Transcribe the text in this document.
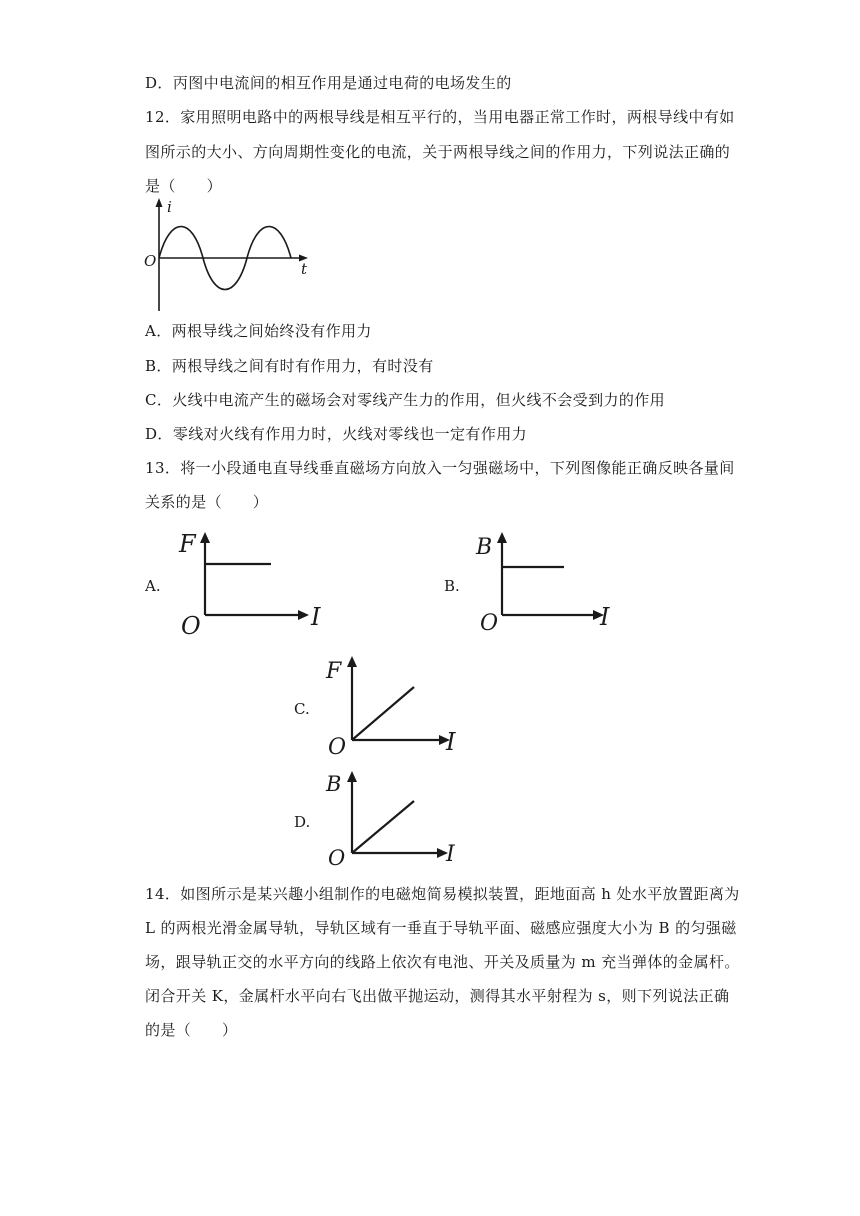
D．丙图中电流间的相互作用是通过电荷的电场发生的
12．家用照明电路中的两根导线是相互平行的，当用电器正常工作时，两根导线中有如
图所示的大小、方向周期性变化的电流，关于两根导线之间的作用力，下列说法正确的
是（　　）
i
t
O
A．两根导线之间始终没有作用力
B．两根导线之间有时有作用力，有时没有
C．火线中电流产生的磁场会对零线产生力的作用，但火线不会受到力的作用
D．零线对火线有作用力时，火线对零线也一定有作用力
13．将一小段通电直导线垂直磁场方向放入一匀强磁场中，下列图像能正确反映各量间
关系的是（　　）
A.
F
I
O
B.
B
I
O
C.
F
I
O
D.
B
I
O
14．如图所示是某兴趣小组制作的电磁炮简易模拟装置，距地面高 h 处水平放置距离为
L 的两根光滑金属导轨，导轨区域有一垂直于导轨平面、磁感应强度大小为 B 的匀强磁
场，跟导轨正交的水平方向的线路上依次有电池、开关及质量为 m 充当弹体的金属杆。
闭合开关 K，金属杆水平向右飞出做平抛运动，测得其水平射程为 s，则下列说法正确
的是（　　）
